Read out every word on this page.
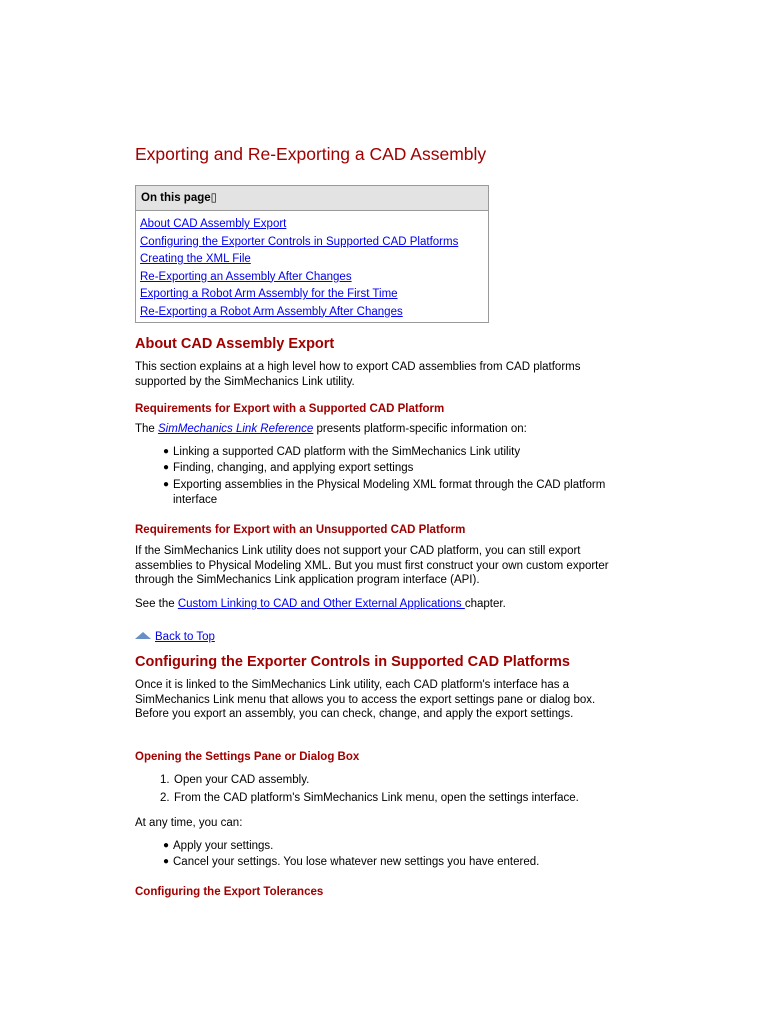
Exporting and Re-Exporting a CAD Assembly
On this page▯
About CAD Assembly Export
Configuring the Exporter Controls in Supported CAD Platforms
Creating the XML File
Re-Exporting an Assembly After Changes
Exporting a Robot Arm Assembly for the First Time
Re-Exporting a Robot Arm Assembly After Changes
About CAD Assembly Export

This section explains at a high level how to export CAD assemblies from CAD platforms supported by the SimMechanics Link utility.

Requirements for Export with a Supported CAD Platform

The SimMechanics Link Reference presents platform-specific information on:

● Linking a supported CAD platform with the SimMechanics Link utility
● Finding, changing, and applying export settings
● Exporting assemblies in the Physical Modeling XML format through the CAD platform interface
Requirements for Export with an Unsupported CAD Platform

If the SimMechanics Link utility does not support your CAD platform, you can still export assemblies to Physical Modeling XML. But you must first construct your own custom exporter through the SimMechanics Link application program interface (API).

See the Custom Linking to CAD and Other External Applications chapter.

Back to Top
Configuring the Exporter Controls in Supported CAD Platforms

Once it is linked to the SimMechanics Link utility, each CAD platform's interface has a SimMechanics Link menu that allows you to access the export settings pane or dialog box. Before you export an assembly, you can check, change, and apply the export settings.

Opening the Settings Pane or Dialog Box
1. Open your CAD assembly.
2. From the CAD platform's SimMechanics Link menu, open the settings interface.

At any time, you can:

● Apply your settings.
● Cancel your settings. You lose whatever new settings you have entered.
Configuring the Export Tolerances
